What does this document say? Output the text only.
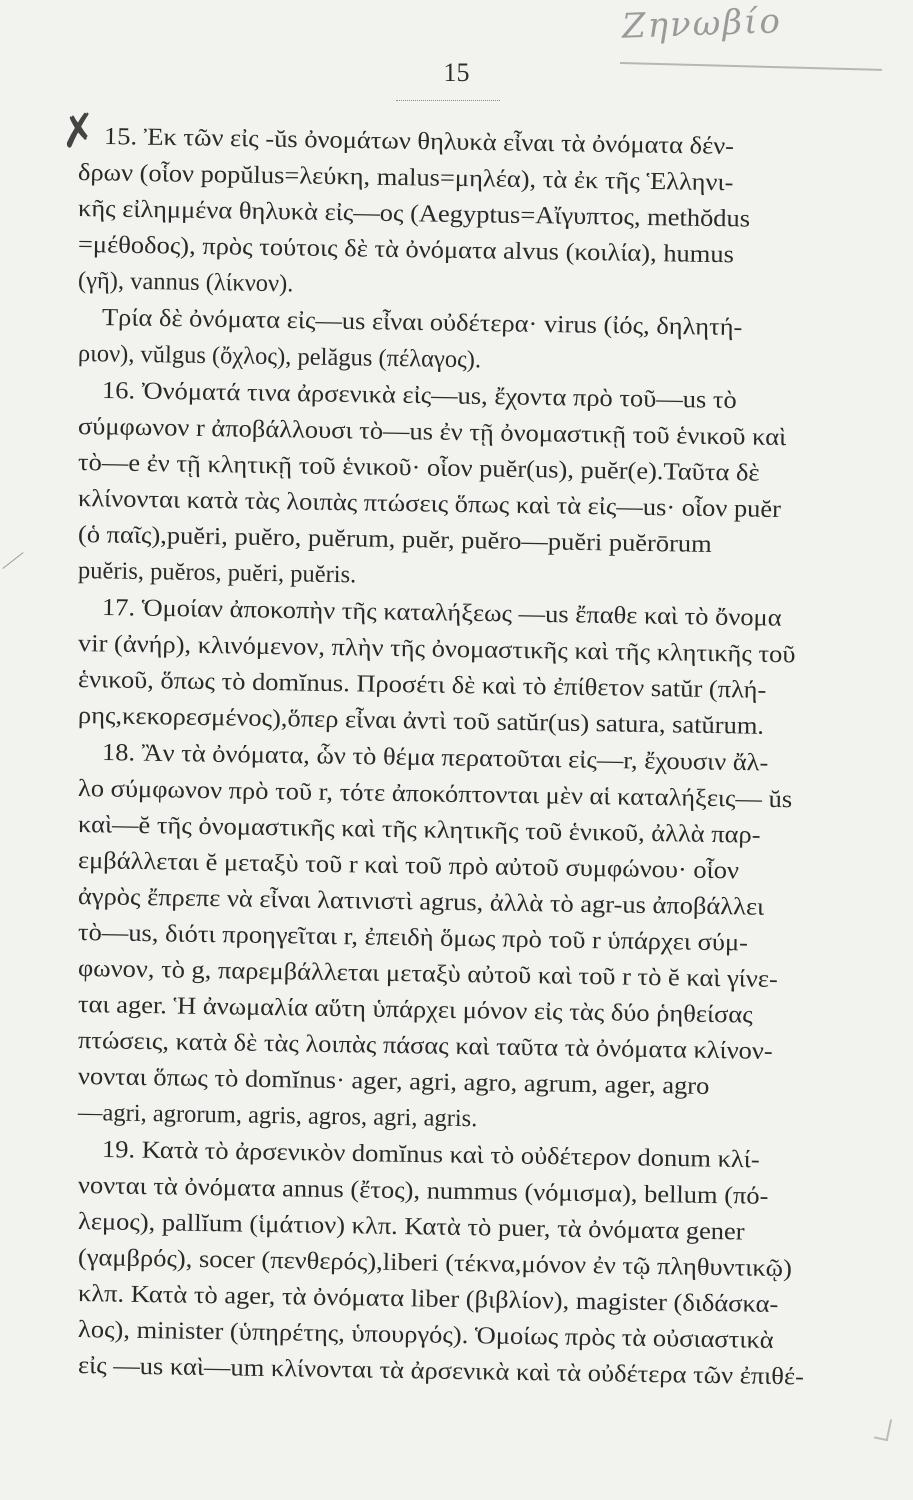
Ζηνωβίο
15
✗ 15. Ἐκ τῶν εἰς -ŭs ὀνομάτων θηλυκὰ εἶναι τὰ ὀνόματα δέν-
δρων (οἷον popŭlus=λεύκη, malus=μηλέα), τὰ ἐκ τῆς Ἑλληνι-
κῆς εἰλημμένα θηλυκὰ εἰς—ος (Aegyptus=Αἴγυπτος, methŏdus
=μέθοδος), πρὸς τούτοις δὲ τὰ ὀνόματα alvus (κοιλία), humus
(γῆ), vannus (λίκνον).
Τρία δὲ ὀνόματα εἰς—us εἶναι οὐδέτερα· virus (ἰός, δηλητή-
ριον), vŭlgus (ὄχλος), pelăgus (πέλαγος).
16. Ὀνόματά τινα ἀρσενικὰ εἰς—us, ἔχοντα πρὸ τοῦ—us τὸ
σύμφωνον r ἀποβάλλουσι τὸ—us ἐν τῇ ὀνομαστικῇ τοῦ ἑνικοῦ καὶ
τὸ—e ἐν τῇ κλητικῇ τοῦ ἑνικοῦ· οἷον puĕr(us), puĕr(e).Ταῦτα δὲ
κλίνονται κατὰ τὰς λοιπὰς πτώσεις ὅπως καὶ τὰ εἰς—us· οἷον puĕr
(ὁ παῖς),puĕri, puĕro, puĕrum, puĕr, puĕro—puĕri puĕrōrum
puĕris, puĕros, puĕri, puĕris.
17. Ὁμοίαν ἀποκοπὴν τῆς καταλήξεως —us ἔπαθε καὶ τὸ ὄνομα
vir (ἀνήρ), κλινόμενον, πλὴν τῆς ὀνομαστικῆς καὶ τῆς κλητικῆς τοῦ
ἑνικοῦ, ὅπως τὸ domĭnus. Προσέτι δὲ καὶ τὸ ἐπίθετον satŭr (πλή-
ρης,κεκορεσμένος),ὅπερ εἶναι ἀντὶ τοῦ satŭr(us) satura, satŭrum.
18. Ἂν τὰ ὀνόματα, ὧν τὸ θέμα περατοῦται εἰς—r, ἔχουσιν ἄλ-
λο σύμφωνον πρὸ τοῦ r, τότε ἀποκόπτονται μὲν αἱ καταλήξεις— ŭs
καὶ—ĕ τῆς ὀνομαστικῆς καὶ τῆς κλητικῆς τοῦ ἑνικοῦ, ἀλλὰ παρ-
εμβάλλεται ĕ μεταξὺ τοῦ r καὶ τοῦ πρὸ αὐτοῦ συμφώνου· οἷον
ἀγρὸς ἔπρεπε νὰ εἶναι λατινιστὶ agrus, ἀλλὰ τὸ agr-us ἀποβάλλει
τὸ—us, διότι προηγεῖται r, ἐπειδὴ ὅμως πρὸ τοῦ r ὑπάρχει σύμ-
φωνον, τὸ g, παρεμβάλλεται μεταξὺ αὐτοῦ καὶ τοῦ r τὸ ĕ καὶ γίνε-
ται ager. Ἡ ἀνωμαλία αὕτη ὑπάρχει μόνον εἰς τὰς δύο ῥηθείσας
πτώσεις, κατὰ δὲ τὰς λοιπὰς πάσας καὶ ταῦτα τὰ ὀνόματα κλίνον-
νονται ὅπως τὸ domĭnus· ager, agri, agro, agrum, ager, agro
—agri, agrorum, agris, agros, agri, agris.
19. Κατὰ τὸ ἀρσενικὸν domĭnus καὶ τὸ οὐδέτερον donum κλί-
νονται τὰ ὀνόματα annus (ἔτος), nummus (νόμισμα), bellum (πό-
λεμος), pallĭum (ἱμάτιον) κλπ. Κατὰ τὸ puer, τὰ ὀνόματα gener
(γαμβρός), socer (πενθερός),liberi (τέκνα,μόνον ἐν τῷ πληθυντικῷ)
κλπ. Κατὰ τὸ ager, τὰ ὀνόματα liber (βιβλίον), magister (διδάσκα-
λος), minister (ὑπηρέτης, ὑπουργός). Ὁμοίως πρὸς τὰ οὐσιαστικὰ
εἰς —us καὶ—um κλίνονται τὰ ἀρσενικὰ καὶ τὰ οὐδέτερα τῶν ἐπιθέ-
